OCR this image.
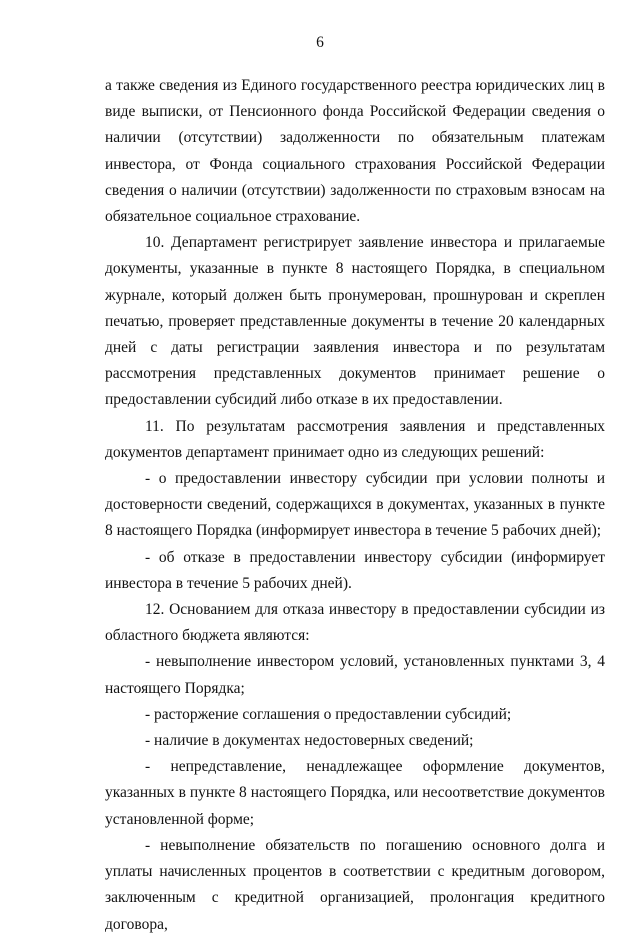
6

а также сведения из Единого государственного реестра юридических лиц в виде выписки, от Пенсионного фонда Российской Федерации сведения о наличии (отсутствии) задолженности по обязательным платежам инвестора, от Фонда социального страхования Российской Федерации сведения о наличии (отсутствии) задолженности по страховым взносам на обязательное социальное страхование.

10. Департамент регистрирует заявление инвестора и прилагаемые документы, указанные в пункте 8 настоящего Порядка, в специальном журнале, который должен быть пронумерован, прошнурован и скреплен печатью, проверяет представленные документы в течение 20 календарных дней с даты регистрации заявления инвестора и по результатам рассмотрения представленных документов принимает решение о предоставлении субсидий либо отказе в их предоставлении.

11. По результатам рассмотрения заявления и представленных документов департамент принимает одно из следующих решений:

- о предоставлении инвестору субсидии при условии полноты и достоверности сведений, содержащихся в документах, указанных в пункте 8 настоящего Порядка (информирует инвестора в течение 5 рабочих дней);

- об отказе в предоставлении инвестору субсидии (информирует инвестора в течение 5 рабочих дней).

12. Основанием для отказа инвестору в предоставлении субсидии из областного бюджета являются:

- невыполнение инвестором условий, установленных пунктами 3, 4 настоящего Порядка;

- расторжение соглашения о предоставлении субсидий;

- наличие в документах недостоверных сведений;

- непредставление, ненадлежащее оформление документов, указанных в пункте 8 настоящего Порядка, или несоответствие документов установленной форме;

- невыполнение обязательств по погашению основного долга и уплаты начисленных процентов в соответствии с кредитным договором, заключенным с кредитной организацией, пролонгация кредитного договора,
